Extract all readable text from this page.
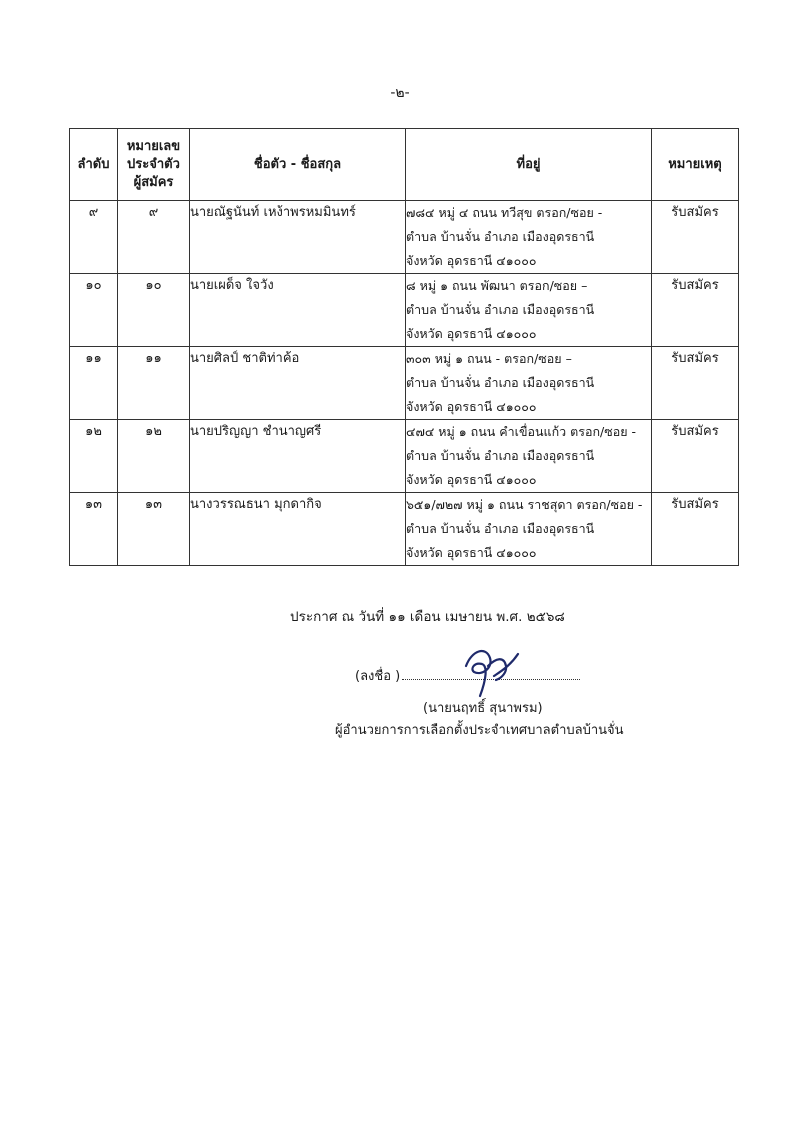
-๒-
ลำดับ	หมายเลข
ประจำตัว
ผู้สมัคร	ชื่อตัว - ชื่อสกุล	ที่อยู่	หมายเหตุ
๙	๙	นายณัฐนันท์ เหง้าพรหมมินทร์	๗๘๔ หมู่ ๔ ถนน ทวีสุข ตรอก/ซอย -
ตำบล บ้านจั่น อำเภอ เมืองอุดรธานี
จังหวัด อุดรธานี ๔๑๐๐๐	รับสมัคร
๑๐	๑๐	นายเผด็จ ใจวัง	๘ หมู่ ๑ ถนน พัฒนา ตรอก/ซอย –
ตำบล บ้านจั่น อำเภอ เมืองอุดรธานี
จังหวัด อุดรธานี ๔๑๐๐๐	รับสมัคร
๑๑	๑๑	นายศิลป์ ชาติท่าค้อ	๓๐๓ หมู่ ๑ ถนน - ตรอก/ซอย –
ตำบล บ้านจั่น อำเภอ เมืองอุดรธานี
จังหวัด อุดรธานี ๔๑๐๐๐	รับสมัคร
๑๒	๑๒	นายปริญญา ชำนาญศรี	๔๗๔ หมู่ ๑ ถนน คำเขื่อนแก้ว ตรอก/ซอย -
ตำบล บ้านจั่น อำเภอ เมืองอุดรธานี
จังหวัด อุดรธานี ๔๑๐๐๐	รับสมัคร
๑๓	๑๓	นางวรรณธนา มุกดากิจ	๖๕๑/๗๒๗ หมู่ ๑ ถนน ราชสุดา ตรอก/ซอย -
ตำบล บ้านจั่น อำเภอ เมืองอุดรธานี
จังหวัด อุดรธานี ๔๑๐๐๐	รับสมัคร
ประกาศ ณ วันที่ ๑๑ เดือน เมษายน พ.ศ. ๒๕๖๘
(ลงชื่อ )
(นายนฤทธิ์ สุนาพรม)
ผู้อำนวยการการเลือกตั้งประจำเทศบาลตำบลบ้านจั่น
